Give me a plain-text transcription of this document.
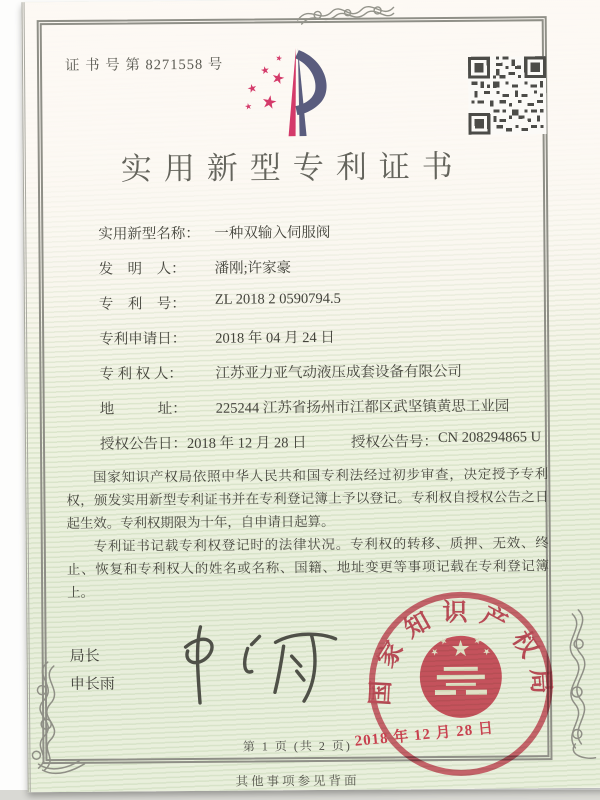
证 书 号 第 8271558 号
实用新型专利证书
实用新型名称： 一种双输入伺服阀
发　明　人：	潘刚;许家豪
专　利　号：	ZL 2018 2 0590794.5
专利申请日：	2018 年 04 月 24 日
专 利 权 人：	江苏亚力亚气动液压成套设备有限公司
地　　　址：	225244 江苏省扬州市江都区武坚镇黄思工业园
授权公告日： 2018 年 12 月 28 日	授权公告号： CN 208294865 U

国家知识产权局依照中华人民共和国专利法经过初步审查，决定授予专利权，颁发实用新型专利证书并在专利登记簿上予以登记。专利权自授权公告之日起生效。专利权期限为十年，自申请日起算。

专利证书记载专利权登记时的法律状况。专利权的转移、质押、无效、终止、恢复和专利权人的姓名或名称、国籍、地址变更等事项记载在专利登记簿上。

局长
申长雨	国家知识产权局
2018 年 12 月 28 日
第 1 页 (共 2 页)
其他事项参见背面
